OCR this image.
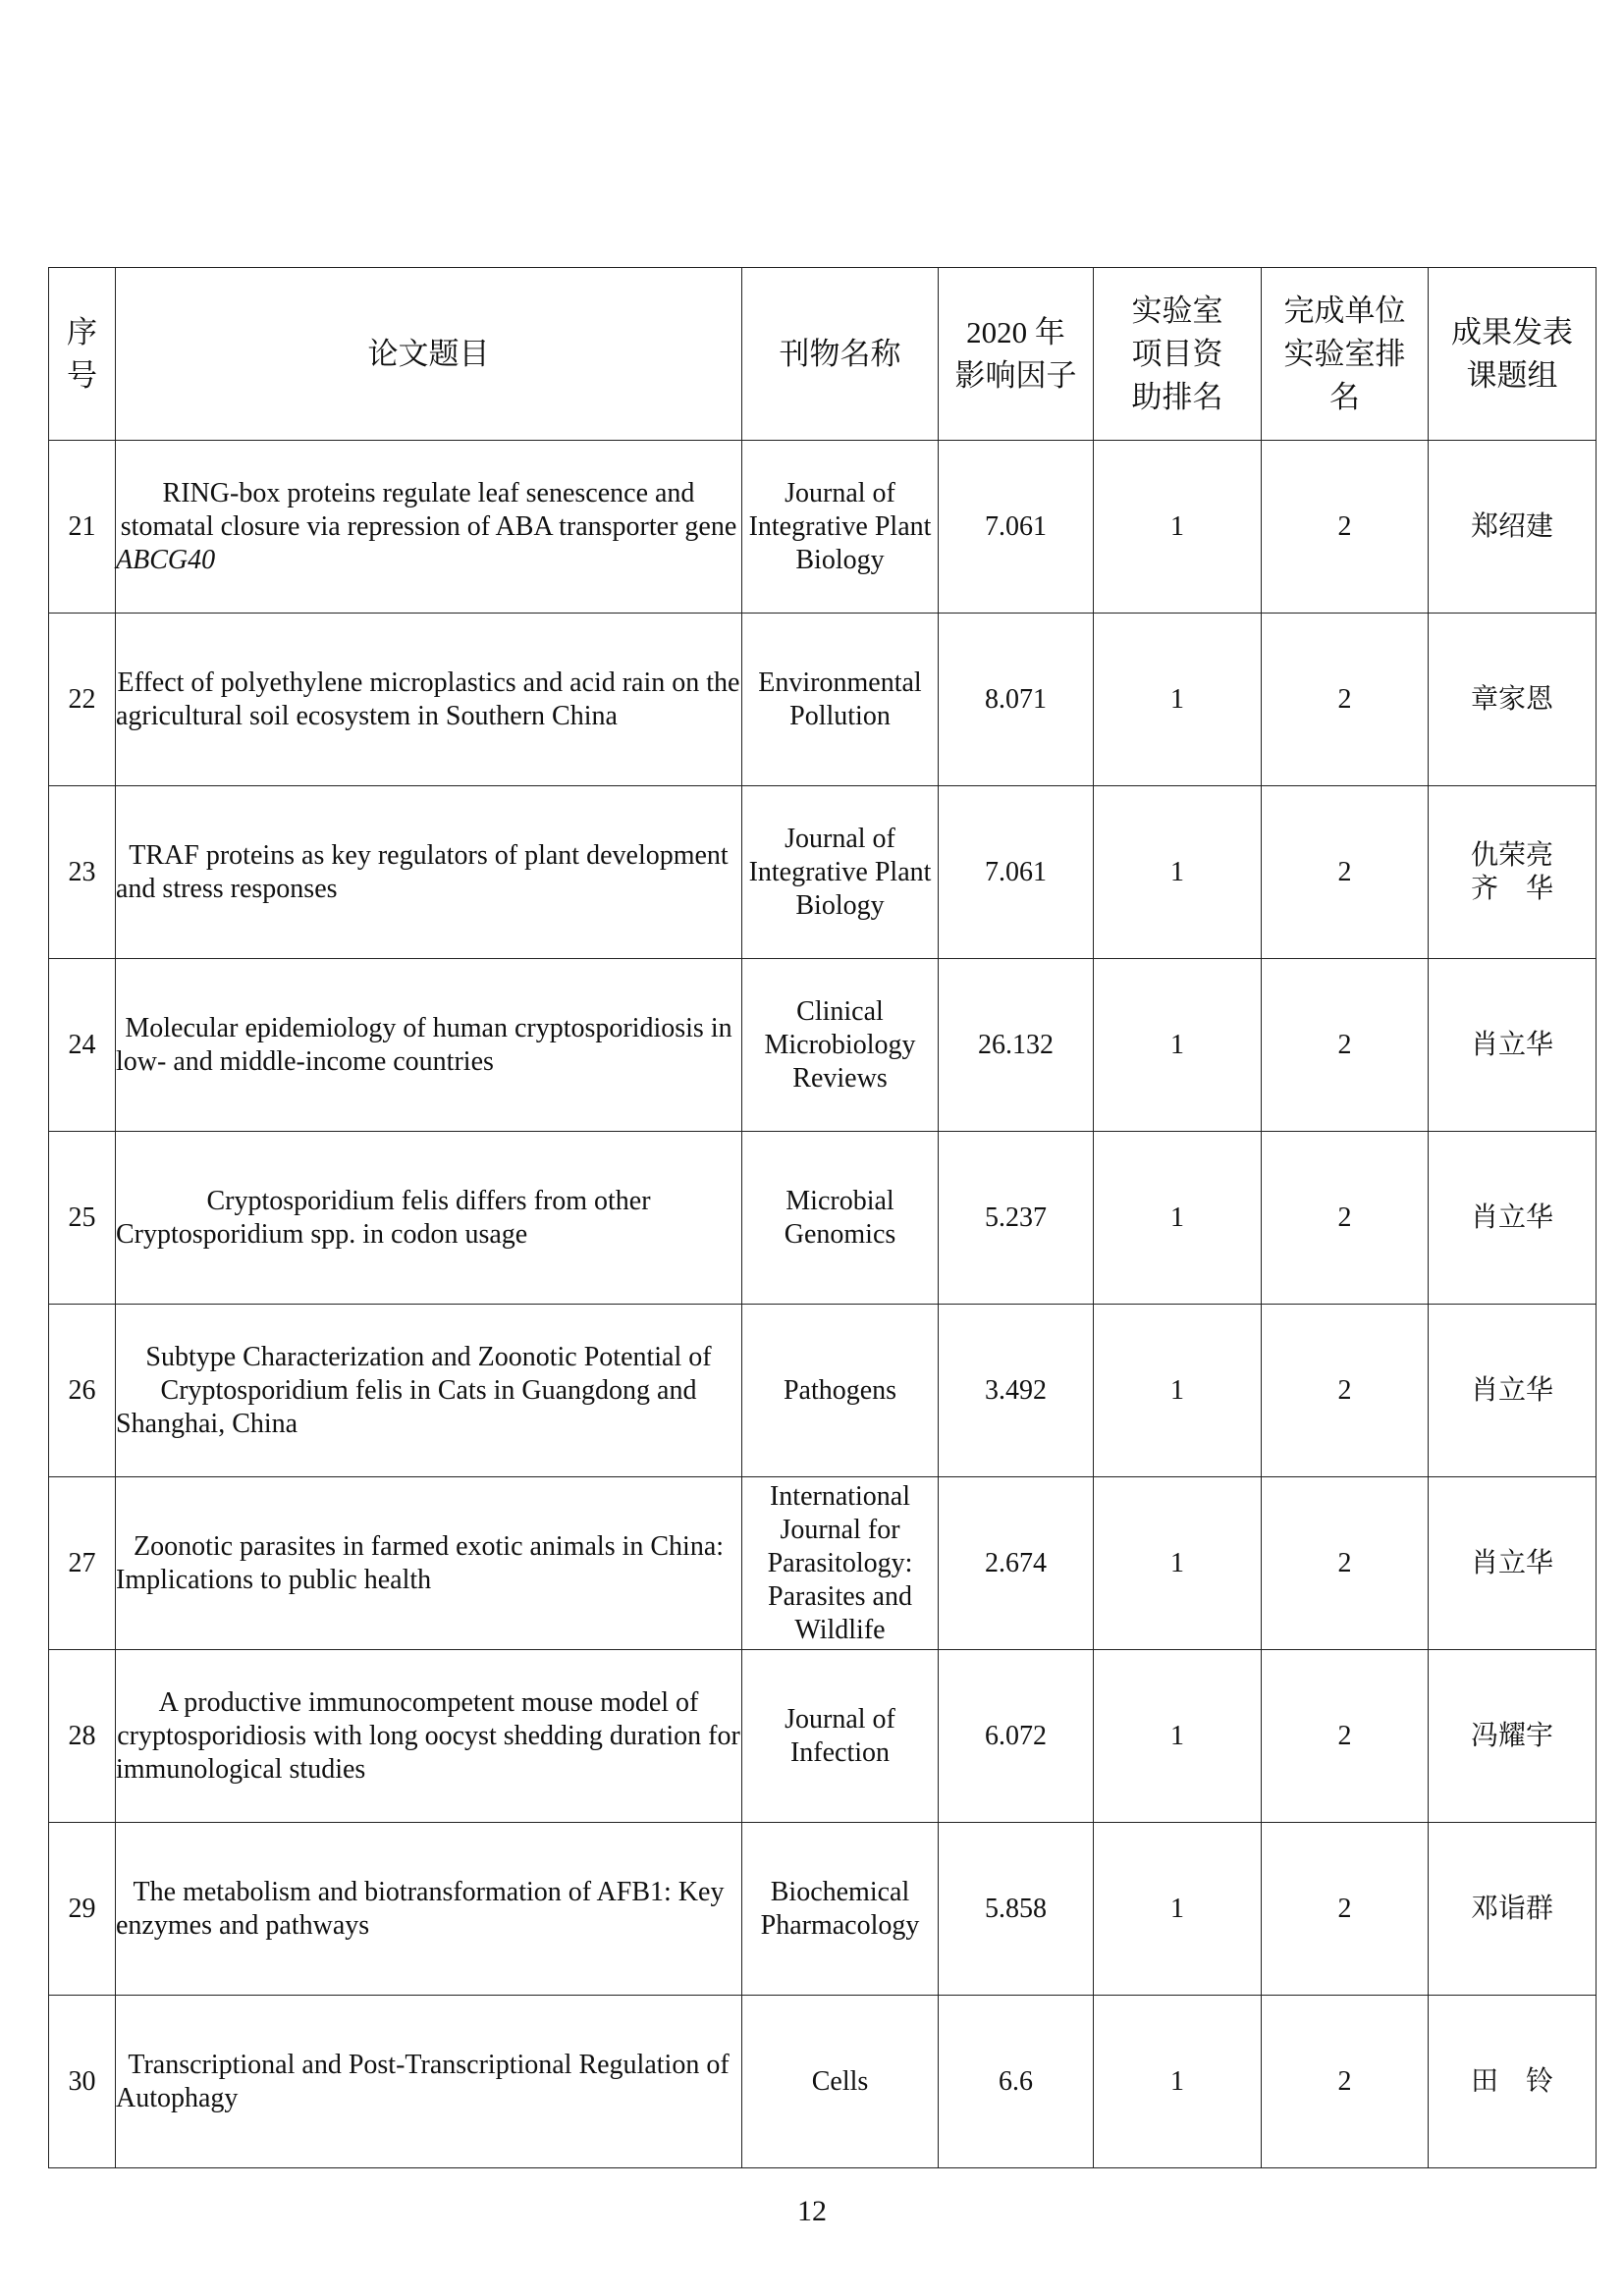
序号	论文题目	刊物名称	2020 年影响因子	实验室项目资助排名	完成单位实验室排名	成果发表课题组
21	RING-box proteins regulate leaf senescence and stomatal closure via repression of ABA transporter gene ABCG40	Journal of Integrative Plant Biology	7.061	1	2	郑绍建

22	Effect of polyethylene microplastics and acid rain on the agricultural soil ecosystem in Southern China	Environmental Pollution	8.071	1	2	章家恩

23	TRAF proteins as key regulators of plant development and stress responses	Journal of Integrative Plant Biology	7.061	1	2	仇荣亮
齐　华

24	Molecular epidemiology of human cryptosporidiosis in low- and middle-income countries	Clinical Microbiology Reviews	26.132	1	2	肖立华

25	Cryptosporidium felis differs from other Cryptosporidium spp. in codon usage	Microbial Genomics	5.237	1	2	肖立华

26	Subtype Characterization and Zoonotic Potential of Cryptosporidium felis in Cats in Guangdong and Shanghai, China	Pathogens	3.492	1	2	肖立华

27	Zoonotic parasites in farmed exotic animals in China: Implications to public health	International Journal for Parasitology: Parasites and Wildlife	2.674	1	2	肖立华

28	A productive immunocompetent mouse model of cryptosporidiosis with long oocyst shedding duration for immunological studies	Journal of Infection	6.072	1	2	冯耀宇

29	The metabolism and biotransformation of AFB1: Key enzymes and pathways	Biochemical Pharmacology	5.858	1	2	邓诣群

30	Transcriptional and Post-Transcriptional Regulation of Autophagy	Cells	6.6	1	2	田　铃
12
